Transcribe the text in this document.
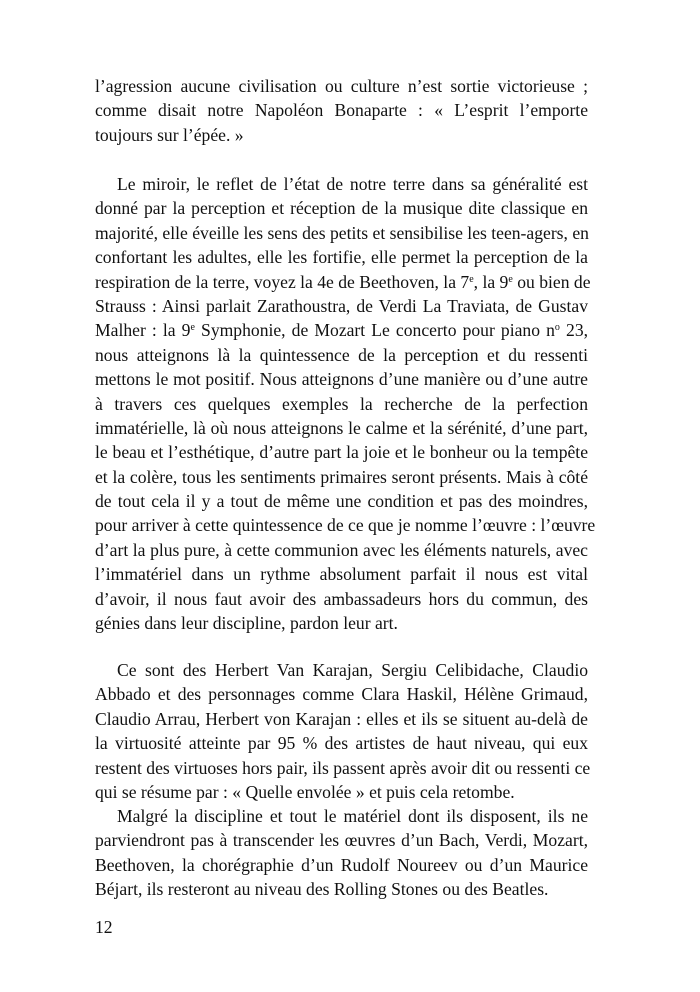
l’agression aucune civilisation ou culture n’est sortie victorieuse ;
comme disait notre Napoléon Bonaparte : « L’esprit l’emporte
toujours sur l’épée. »
Le miroir, le reflet de l’état de notre terre dans sa généralité est
donné par la perception et réception de la musique dite classique en
majorité, elle éveille les sens des petits et sensibilise les teen-agers, en
confortant les adultes, elle les fortifie, elle permet la perception de la
respiration de la terre, voyez la 4e de Beethoven, la 7e, la 9e ou bien de
Strauss : Ainsi parlait Zarathoustra, de Verdi La Traviata, de Gustav
Malher : la 9e Symphonie, de Mozart Le concerto pour piano $n^o$ 23,
nous atteignons là la quintessence de la perception et du ressenti
mettons le mot positif. Nous atteignons d’une manière ou d’une autre
à travers ces quelques exemples la recherche de la perfection
immatérielle, là où nous atteignons le calme et la sérénité, d’une part,
le beau et l’esthétique, d’autre part la joie et le bonheur ou la tempête
et la colère, tous les sentiments primaires seront présents. Mais à côté
de tout cela il y a tout de même une condition et pas des moindres,
pour arriver à cette quintessence de ce que je nomme l’œuvre : l’œuvre
d’art la plus pure, à cette communion avec les éléments naturels, avec
l’immatériel dans un rythme absolument parfait il nous est vital
d’avoir, il nous faut avoir des ambassadeurs hors du commun, des
génies dans leur discipline, pardon leur art.
Ce sont des Herbert Van Karajan, Sergiu Celibidache, Claudio
Abbado et des personnages comme Clara Haskil, Hélène Grimaud,
Claudio Arrau, Herbert von Karajan : elles et ils se situent au-delà de
la virtuosité atteinte par 95 % des artistes de haut niveau, qui eux
restent des virtuoses hors pair, ils passent après avoir dit ou ressenti ce
qui se résume par : « Quelle envolée » et puis cela retombe.
Malgré la discipline et tout le matériel dont ils disposent, ils ne
parviendront pas à transcender les œuvres d’un Bach, Verdi, Mozart,
Beethoven, la chorégraphie d’un Rudolf Noureev ou d’un Maurice
Béjart, ils resteront au niveau des Rolling Stones ou des Beatles.
12
